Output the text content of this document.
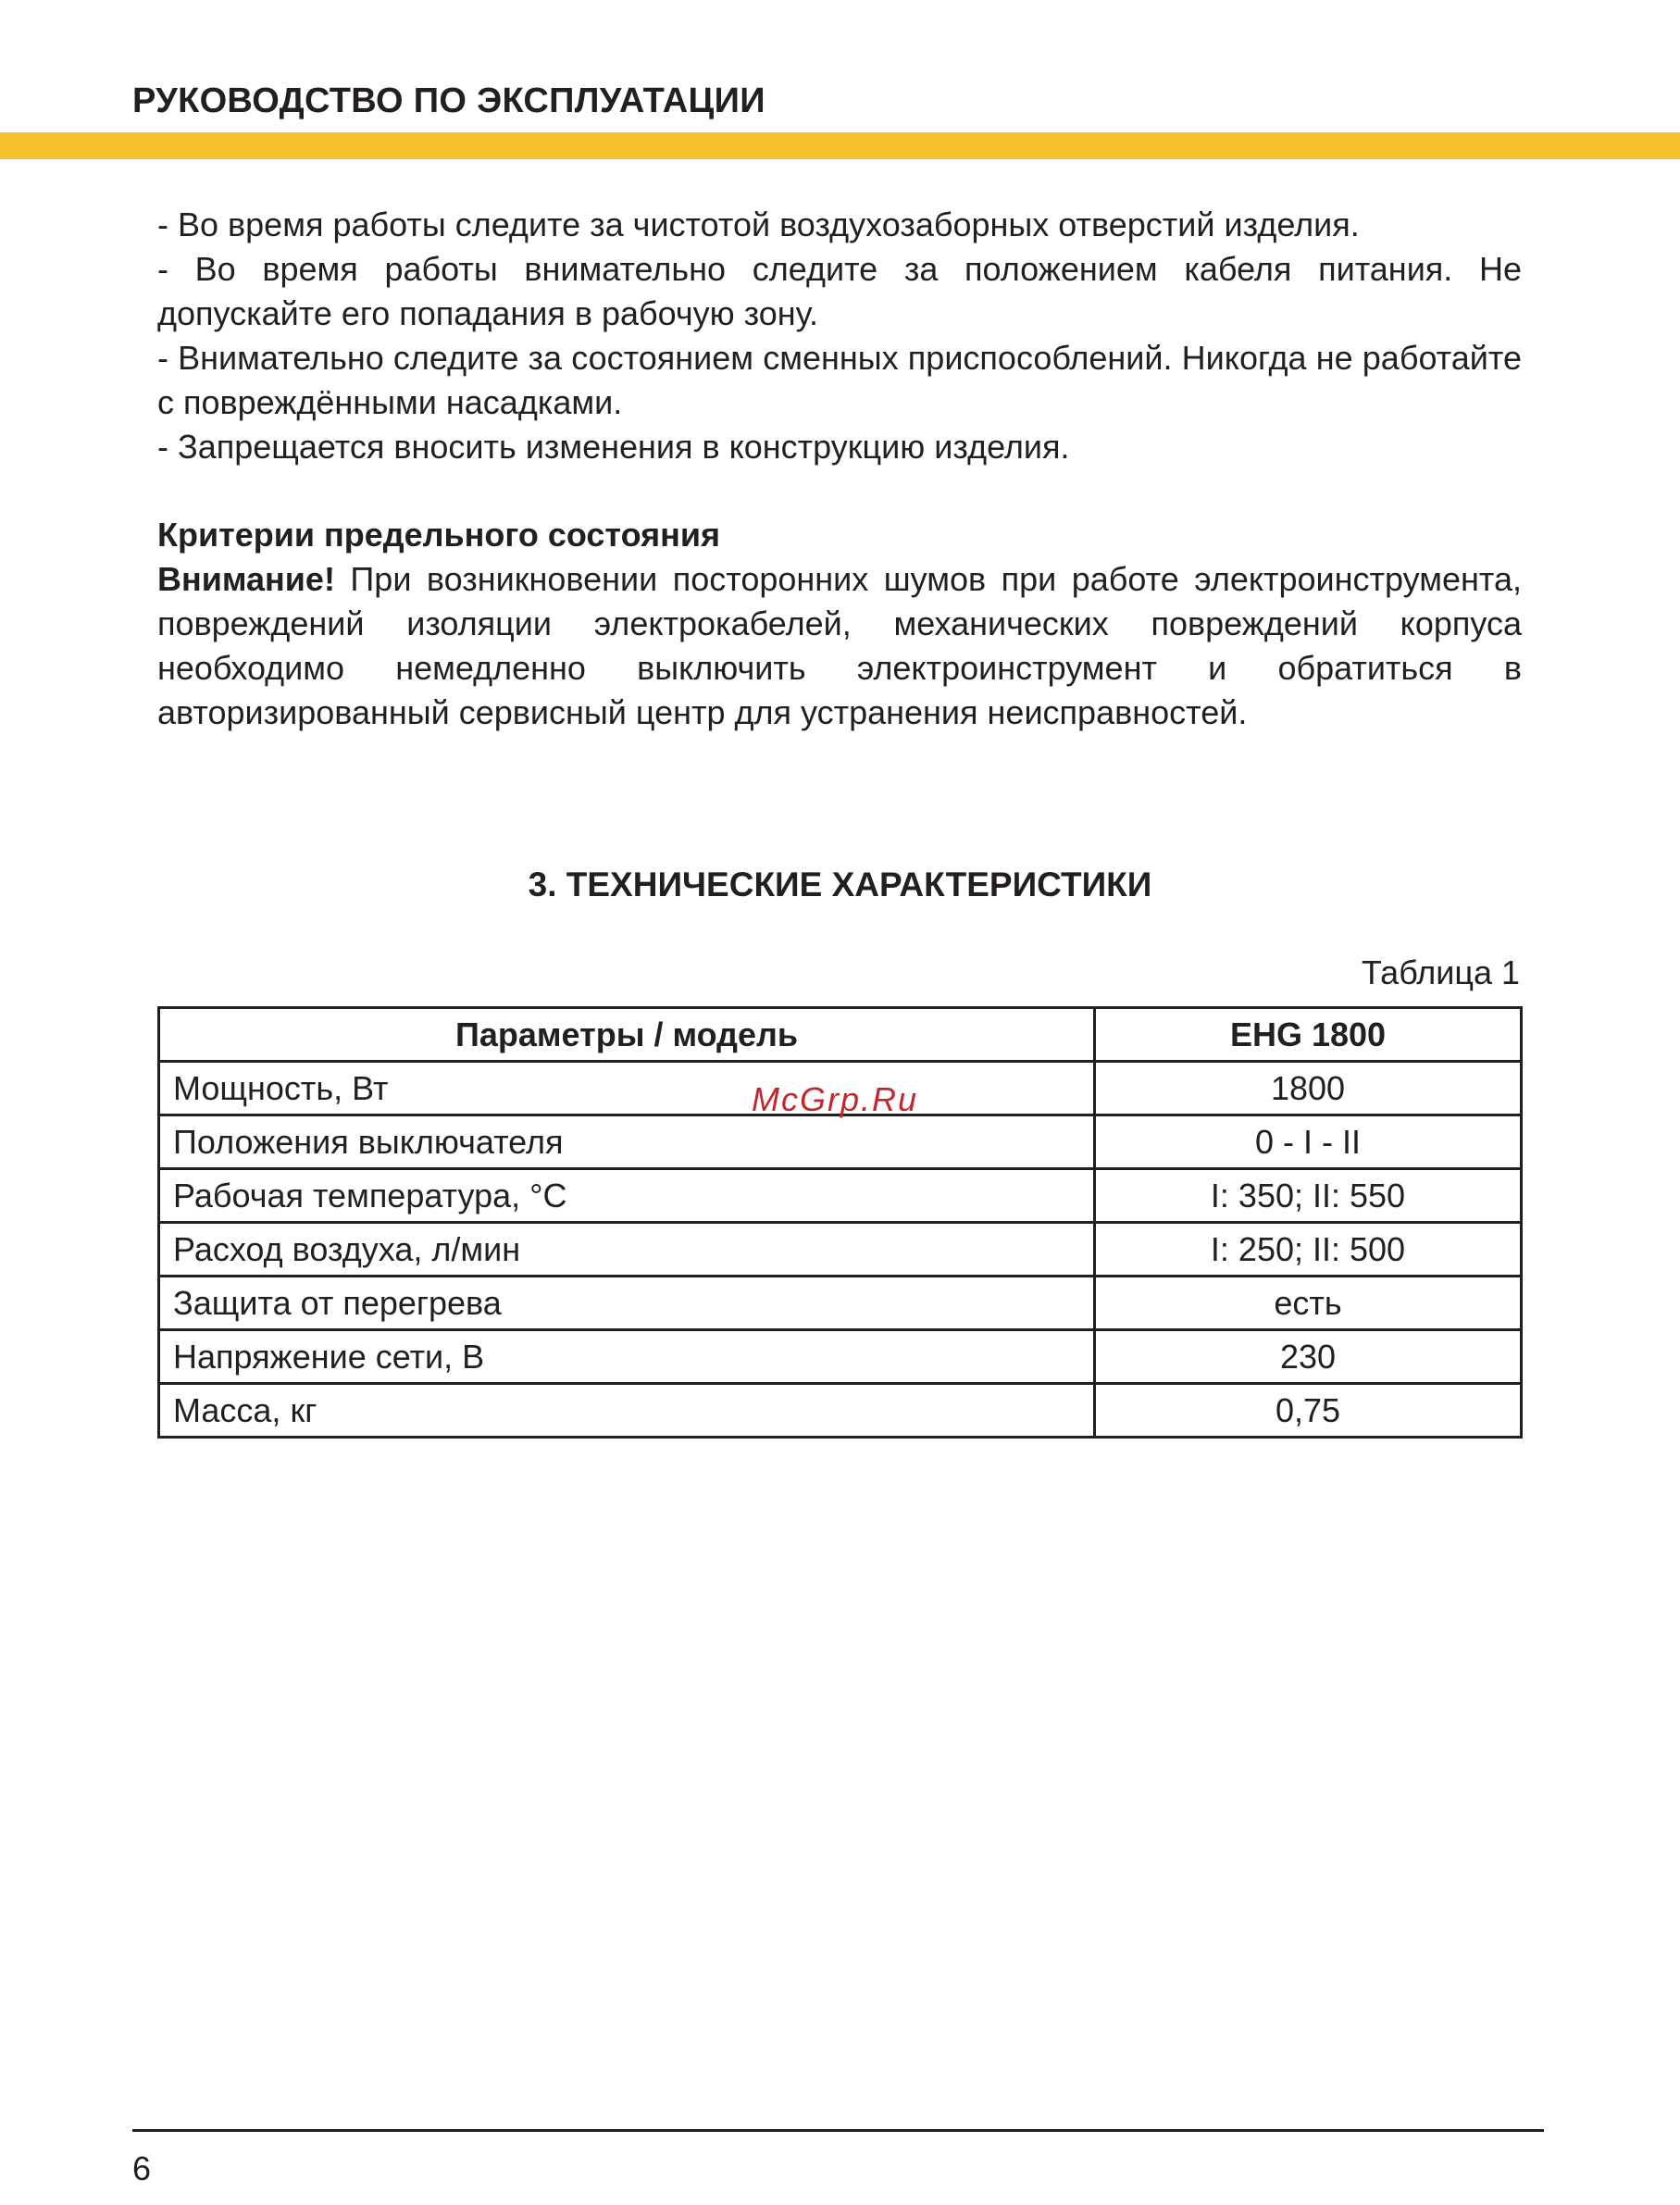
РУКОВОДСТВО ПО ЭКСПЛУАТАЦИИ

- Во время работы следите за чистотой воздухозаборных отверстий изделия.

- Во время работы внимательно следите за положением кабеля питания. Не допускайте его попадания в рабочую зону.

- Внимательно следите за состоянием сменных приспособлений. Никогда не работайте с повреждёнными насадками.

- Запрещается вносить изменения в конструкцию изделия.

Критерии предельного состояния

Внимание! При возникновении посторонних шумов при работе электроинструмента, повреждений изоляции электрокабелей, механических повреждений корпуса необходимо немедленно выключить электроинструмент и обратиться в авторизированный сервисный центр для устранения неисправностей.

3. ТЕХНИЧЕСКИЕ ХАРАКТЕРИСТИКИ
Таблица 1
Параметры / модель	EHG 1800
Мощность, Вт	1800
Положения выключателя	0 - I - II
Рабочая температура, °С	I: 350; II: 550
Расход воздуха, л/мин	I: 250; II: 500
Защита от перегрева	есть
Напряжение сети, В	230
Масса, кг	0,75
McGrp.Ru
6
